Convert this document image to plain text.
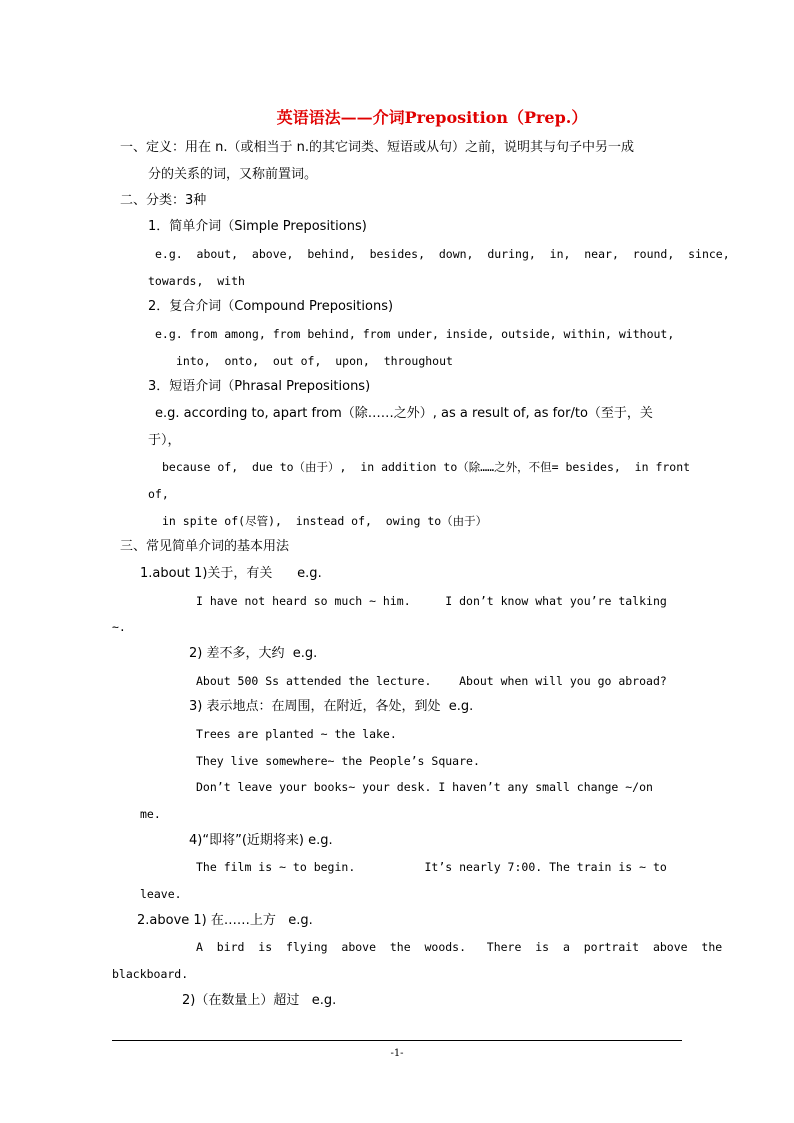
英语语法——介词Preposition（Prep.）
一、定义：用在 n.（或相当于 n.的其它词类、短语或从句）之前，说明其与句子中另一成
分的关系的词，又称前置词。
二、分类：3种
1．简单介词（Simple Prepositions)
e.g.  about,  above,  behind,  besides,  down,  during,  in,  near,  round,  since,
towards,  with
2．复合介词（Compound Prepositions)
e.g. from among, from behind, from under, inside, outside, within, without,
into,  onto,  out of,  upon,  throughout
3．短语介词（Phrasal Prepositions)
e.g. according to, apart from（除……之外）, as a result of, as for/to（至于，关
于），
because of,  due to（由于）,  in addition to（除……之外，不但= besides,  in front
of,
in spite of(尽管),  instead of,  owing to（由于）
三、常见简单介词的基本用法
1.about 1)关于，有关      e.g.
I have not heard so much ~ him.     I don’t know what you’re talking
~.
2) 差不多，大约  e.g.
About 500 Ss attended the lecture.    About when will you go abroad?
3) 表示地点：在周围，在附近，各处，到处  e.g.
Trees are planted ~ the lake.
They live somewhere~ the People’s Square.
Don’t leave your books~ your desk. I haven’t any small change ~/on
me.
4)“即将”(近期将来) e.g.
The film is ~ to begin.          It’s nearly 7:00. The train is ~ to
leave.
2.above 1) 在……上方   e.g.
A  bird  is  flying  above  the  woods.   There  is  a  portrait  above  the
blackboard.
2)（在数量上）超过   e.g.
-1-
